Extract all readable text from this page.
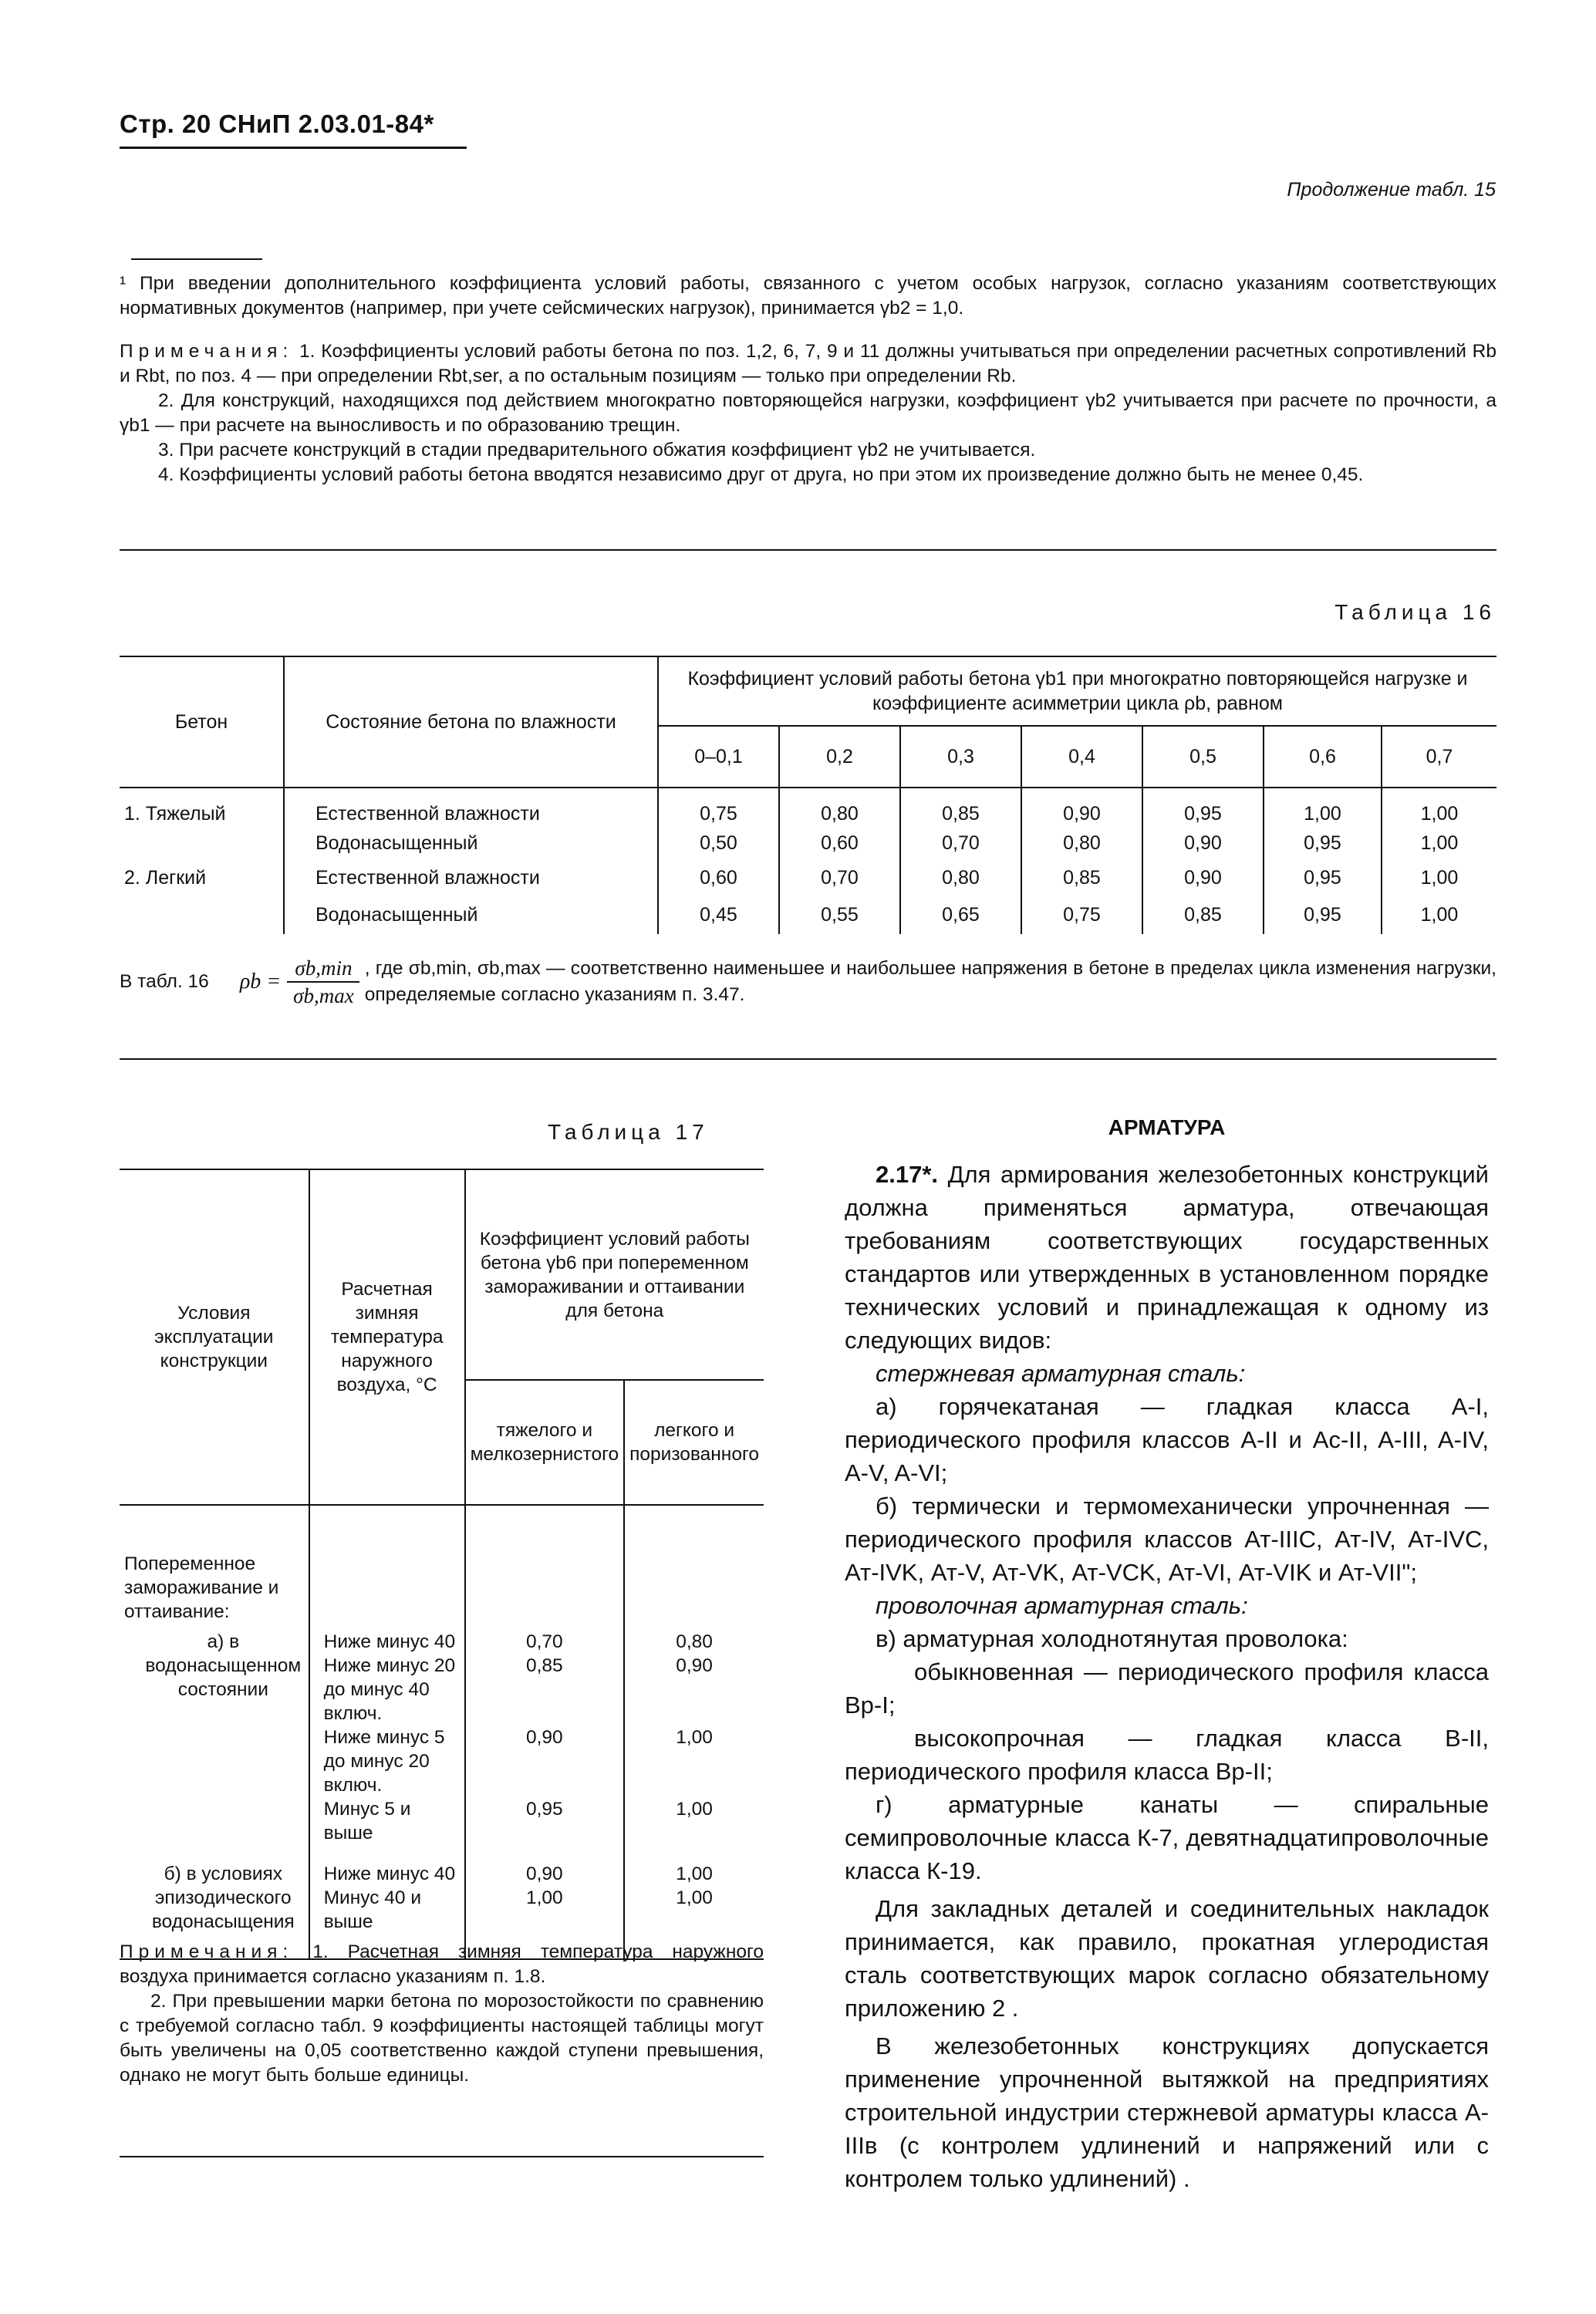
Стр. 20 СНиП 2.03.01-84*
Продолжение табл. 15
¹ При введении дополнительного коэффициента условий работы, связанного с учетом особых нагрузок, согласно указаниям соответствующих нормативных документов (например, при учете сейсмических нагрузок), принимается γb2 = 1,0.

Примечания: 1. Коэффициенты условий работы бетона по поз. 1,2, 6, 7, 9 и 11 должны учитываться при определении расчетных сопротивлений Rb и Rbt, по поз. 4 — при определении Rbt,ser, а по остальным позициям — только при определении Rb.

2. Для конструкций, находящихся под действием многократно повторяющейся нагрузки, коэффициент γb2 учитывается при расчете по прочности, а γb1 — при расчете на выносливость и по образованию трещин.

3. При расчете конструкций в стадии предварительного обжатия коэффициент γb2 не учитывается.

4. Коэффициенты условий работы бетона вводятся независимо друг от друга, но при этом их произведение должно быть не менее 0,45.

Таблица 16
Бетон	Состояние бетона по влажности	Коэффициент условий работы бетона γb1 при многократно повторяющейся нагрузке и коэффициенте асимметрии цикла ρb, равном						
		0–0,1	0,2	0,3	0,4	0,5	0,6	0,7
1. Тяжелый	Естественной влажности	0,75	0,80	0,85	0,90	0,95	1,00	1,00
	Водонасыщенный	0,50	0,60	0,70	0,80	0,90	0,95	1,00
2. Легкий	Естественной влажности	0,60	0,70	0,80	0,85	0,90	0,95	1,00
	Водонасыщенный	0,45	0,55	0,65	0,75	0,85	0,95	1,00
В табл. 16 ρb =
σb,min
σb,max
, где σb,min, σb,max — соответственно наименьшее и наибольшее напряжения в бетоне в пределах цикла изменения нагрузки, определяемые согласно указаниям п. 3.47.
Таблица 17
Условия эксплуатации конструкции	Расчетная зимняя температура наружного воздуха, °С	Коэффициент условий работы бетона γb6 при попеременном замораживании и оттаивании для бетона	
		тяжелого и мелкозернистого	легкого и поризованного
Попеременное замораживание и оттаивание:			
а) в водонасыщенном состоянии	Ниже минус 40	0,70	0,80
	Ниже минус 20 до минус 40 включ.	0,85	0,90
	Ниже минус 5 до минус 20 включ.	0,90	1,00
	Минус 5 и выше	0,95	1,00
б) в условиях эпизодического водонасыщения	Ниже минус 40	0,90	1,00
	Минус 40 и выше	1,00	1,00

Примечания: 1. Расчетная зимняя температура наружного воздуха принимается согласно указаниям п. 1.8.

2. При превышении марки бетона по морозостойкости по сравнению с требуемой согласно табл. 9 коэффициенты настоящей таблицы могут быть увеличены на 0,05 соответственно каждой ступени превышения, однако не могут быть больше единицы.

АРМАТУРА

2.17*. Для армирования железобетонных конструкций должна применяться арматура, отвечающая требованиям соответствующих государственных стандартов или утвержденных в установленном порядке технических условий и принадлежащая к одному из следующих видов:

стержневая арматурная сталь:

а) горячекатаная — гладкая класса A-I, периодического профиля классов A-II и Ac-II, A-III, A-IV, A-V, A-VI;

б) термически и термомеханически упрочненная — периодического профиля классов Ат-IIIC, Ат-IV, Ат-IVC, Ат-IVK, Ат-V, Ат-VK, Ат-VCK, Ат-VI, Ат-VIK и Ат-VII";

проволочная арматурная сталь:

в) арматурная холоднотянутая проволока:

обыкновенная — периодического профиля класса Вр-I;

высокопрочная — гладкая класса В-II, периодического профиля класса Вр-II;

г) арматурные канаты — спиральные семипроволочные класса К-7, девятнадцатипроволочные класса К-19.

Для закладных деталей и соединительных накладок принимается, как правило, прокатная углеродистая сталь соответствующих марок согласно обязательному приложению 2 .

В железобетонных конструкциях допускается применение упрочненной вытяжкой на предприятиях строительной индустрии стержневой арматуры класса A-IIIв (с контролем удлинений и напряжений или с контролем только удлинений) .
